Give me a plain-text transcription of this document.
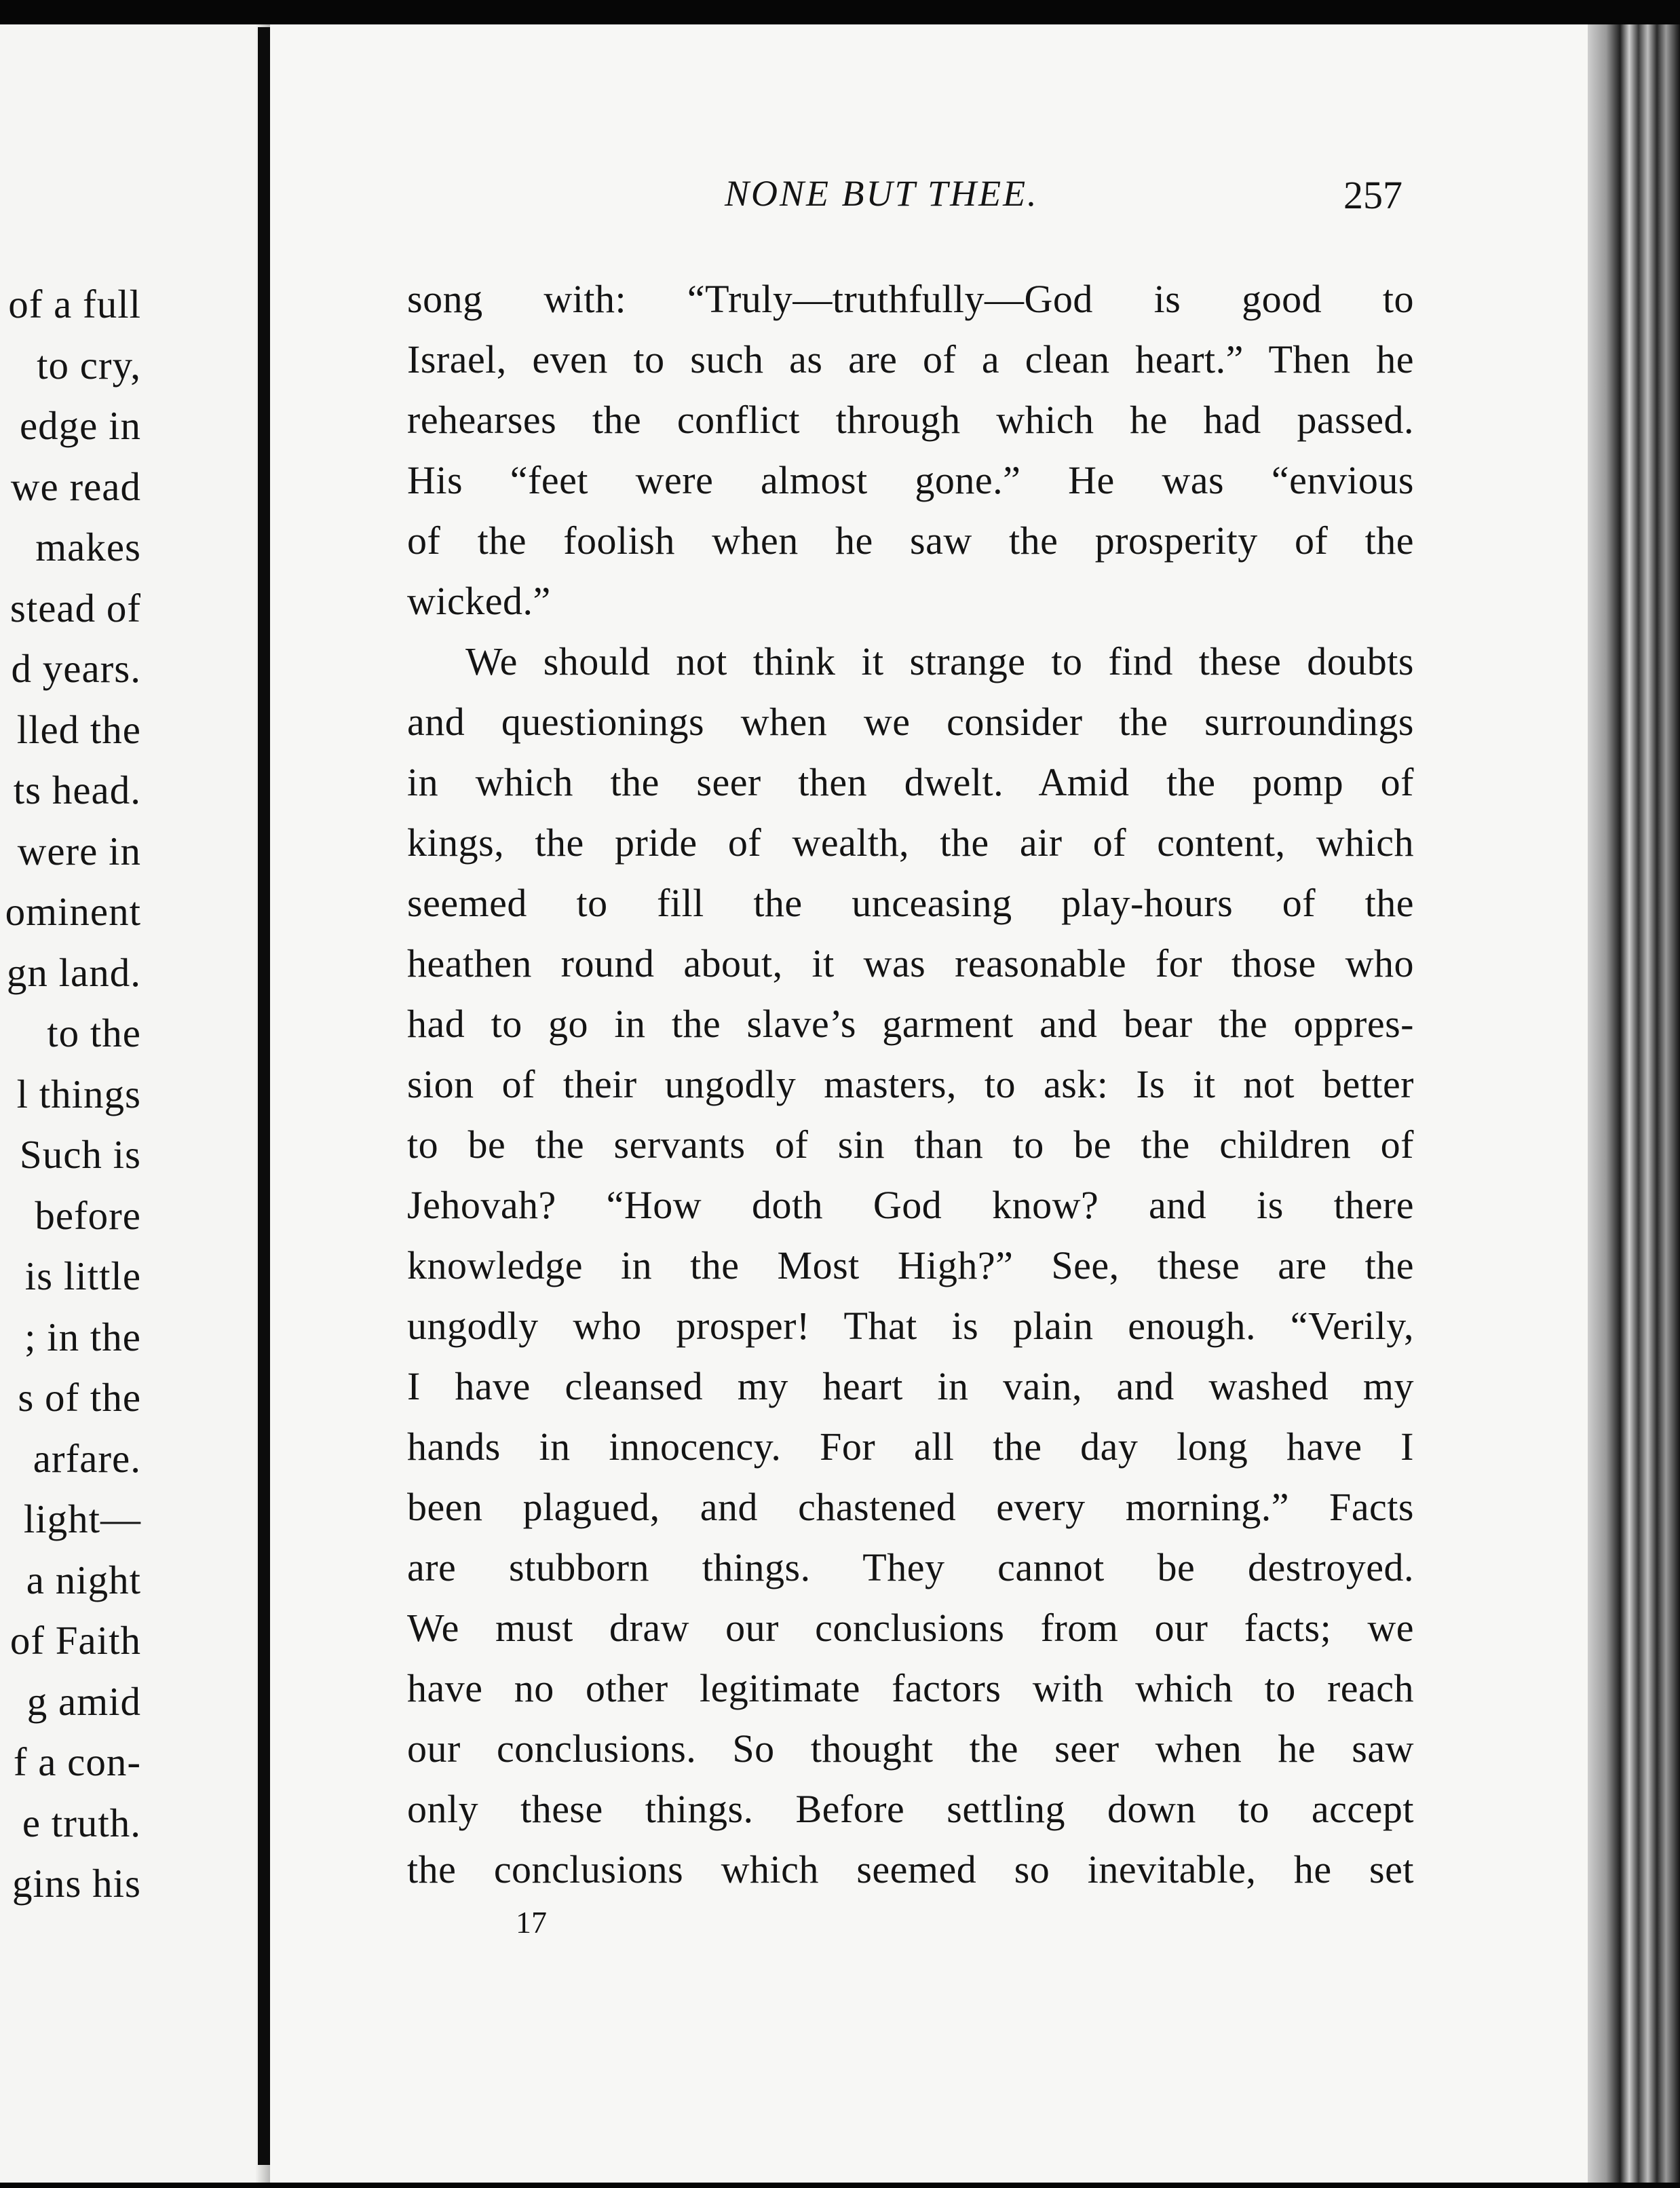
of a full
to cry,
edge in
we read
makes
stead of
d years.
lled the
ts head.
were in
ominent
gn land.
to the
l things
Such is
before
is little
; in the
s of the
arfare.
light—
a night
of Faith
g amid
f a con-
e truth.
gins his
NONE BUT THEE.	257
song with: “Truly—truthfully—God is good to
Israel, even to such as are of a clean heart.” Then he
rehearses the conflict through which he had passed.
His “feet were almost gone.” He was “envious
of the foolish when he saw the prosperity of the
wicked.”
We should not think it strange to find these doubts
and questionings when we consider the surroundings
in which the seer then dwelt. Amid the pomp of
kings, the pride of wealth, the air of content, which
seemed to fill the unceasing play-hours of the
heathen round about, it was reasonable for those who
had to go in the slave’s garment and bear the oppres-
sion of their ungodly masters, to ask: Is it not better
to be the servants of sin than to be the children of
Jehovah? “How doth God know? and is there
knowledge in the Most High?” See, these are the
ungodly who prosper! That is plain enough. “Verily,
I have cleansed my heart in vain, and washed my
hands in innocency. For all the day long have I
been plagued, and chastened every morning.” Facts
are stubborn things. They cannot be destroyed.
We must draw our conclusions from our facts; we
have no other legitimate factors with which to reach
our conclusions. So thought the seer when he saw
only these things. Before settling down to accept
the conclusions which seemed so inevitable, he set
17
